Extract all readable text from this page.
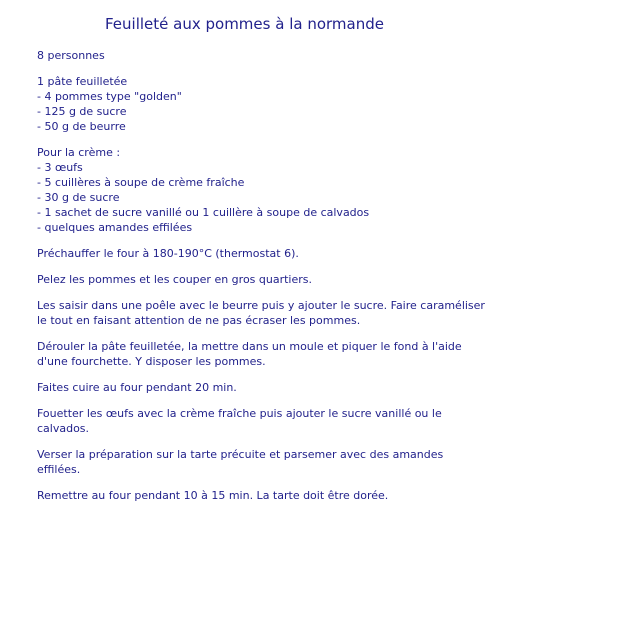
Feuilleté aux pommes à la normande

8 personnes

1 pâte feuilletée
- 4 pommes type "golden"
- 125 g de sucre
- 50 g de beurre

Pour la crème :
- 3 œufs
- 5 cuillères à soupe de crème fraîche
- 30 g de sucre
- 1 sachet de sucre vanillé ou 1 cuillère à soupe de calvados
- quelques amandes effilées

Préchauffer le four à 180-190°C (thermostat 6).

Pelez les pommes et les couper en gros quartiers.

Les saisir dans une poêle avec le beurre puis y ajouter le sucre. Faire caraméliser
le tout en faisant attention de ne pas écraser les pommes.

Dérouler la pâte feuilletée, la mettre dans un moule et piquer le fond à l'aide
d'une fourchette. Y disposer les pommes.

Faites cuire au four pendant 20 min.

Fouetter les œufs avec la crème fraîche puis ajouter le sucre vanillé ou le
calvados.

Verser la préparation sur la tarte précuite et parsemer avec des amandes
effilées.

Remettre au four pendant 10 à 15 min. La tarte doit être dorée.
